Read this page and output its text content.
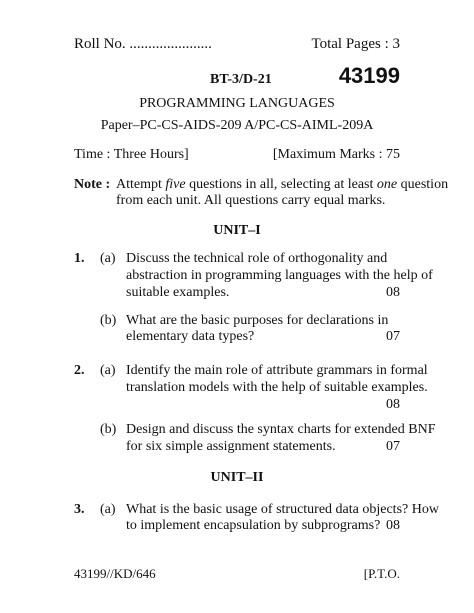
Roll No. ......................	Total Pages : 3
BT-3/D-21	43199
PROGRAMMING LANGUAGES
Paper–PC-CS-AIDS-209 A/PC-CS-AIML-209A
Time : Three Hours]	[Maximum Marks : 75
Note : Attempt five questions in all, selecting at least one question
from each unit. All questions carry equal marks.
UNIT–I
1. (a) Discuss the technical role of orthogonality and
abstraction in programming languages with the help of
suitable examples.	08
(b) What are the basic purposes for declarations in
elementary data types?	07
2. (a) Identify the main role of attribute grammars in formal
translation models with the help of suitable examples.
08
(b) Design and discuss the syntax charts for extended BNF
for six simple assignment statements.	07
UNIT–II
3. (a) What is the basic usage of structured data objects? How
to implement encapsulation by subprograms? 08
43199//KD/646	[P.T.O.
